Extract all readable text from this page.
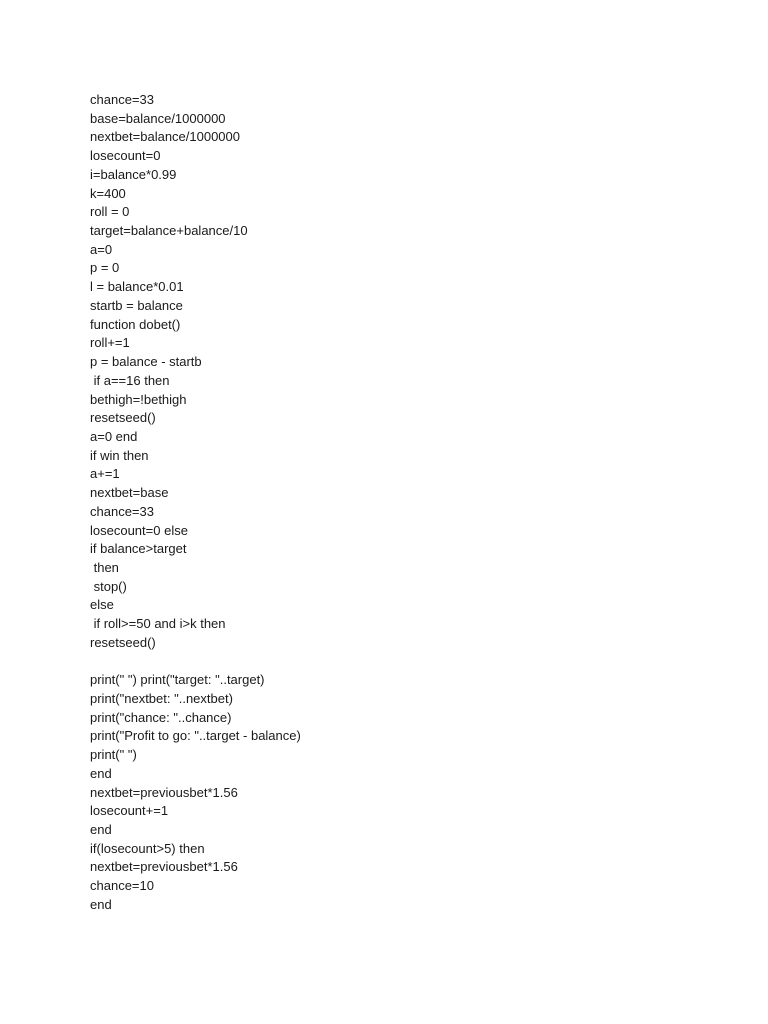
chance=33
base=balance/1000000
nextbet=balance/1000000
losecount=0
i=balance*0.99
k=400
roll = 0
target=balance+balance/10
a=0
p = 0
l = balance*0.01
startb = balance
function dobet()
roll+=1
p = balance - startb
if a==16 then
bethigh=!bethigh
resetseed()
a=0 end
if win then
a+=1
nextbet=base
chance=33
losecount=0 else
if balance>target
then
stop()
else
if roll>=50 and i>k then
resetseed()
print(" ") print("target: "..target)
print("nextbet: "..nextbet)
print("chance: "..chance)
print("Profit to go: "..target - balance)
print(" ")
end
nextbet=previousbet*1.56
losecount+=1
end
if(losecount>5) then
nextbet=previousbet*1.56
chance=10
end
